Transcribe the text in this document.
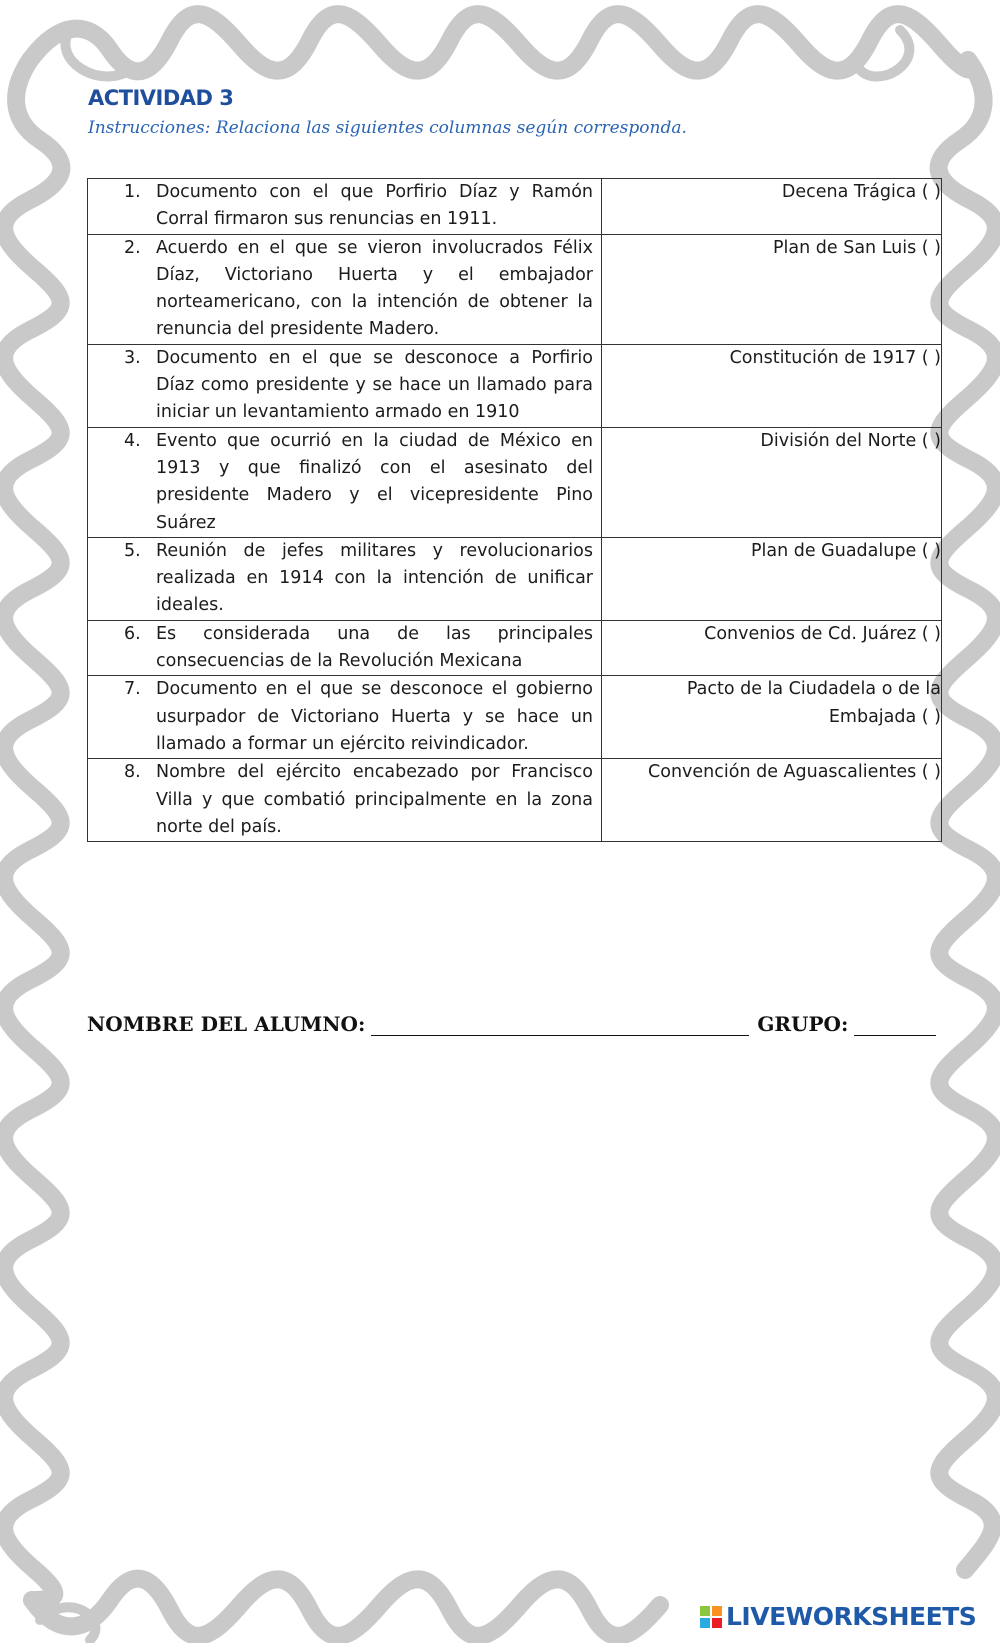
ACTIVIDAD 3

Instrucciones: Relaciona las siguientes columnas según corresponda.

1. Documento con el que Porfirio Díaz y Ramón Corral firmaron sus renuncias en 1911.	Decena Trágica ( )

2. Acuerdo en el que se vieron involucrados Félix Díaz, Victoriano Huerta y el embajador norteamericano, con la intención de obtener la renuncia del presidente Madero.	Plan de San Luis ( )

3. Documento en el que se desconoce a Porfirio Díaz como presidente y se hace un llamado para iniciar un levantamiento armado en 1910	Constitución de 1917 ( )

4. Evento que ocurrió en la ciudad de México en 1913 y que finalizó con el asesinato del presidente Madero y el vicepresidente Pino Suárez	División del Norte ( )

5. Reunión de jefes militares y revolucionarios realizada en 1914 con la intención de unificar ideales.	Plan de Guadalupe ( )

6. Es considerada una de las principales consecuencias de la Revolución Mexicana	Convenios de Cd. Juárez ( )

7. Documento en el que se desconoce el gobierno usurpador de Victoriano Huerta y se hace un llamado a formar un ejército reivindicador.	Pacto de la Ciudadela o de la Embajada ( )

8. Nombre del ejército encabezado por Francisco Villa y que combatió principalmente en la zona norte del país.	Convención de Aguascalientes ( )
NOMBRE DEL ALUMNO:	GRUPO:
LIVEWORKSHEETS
